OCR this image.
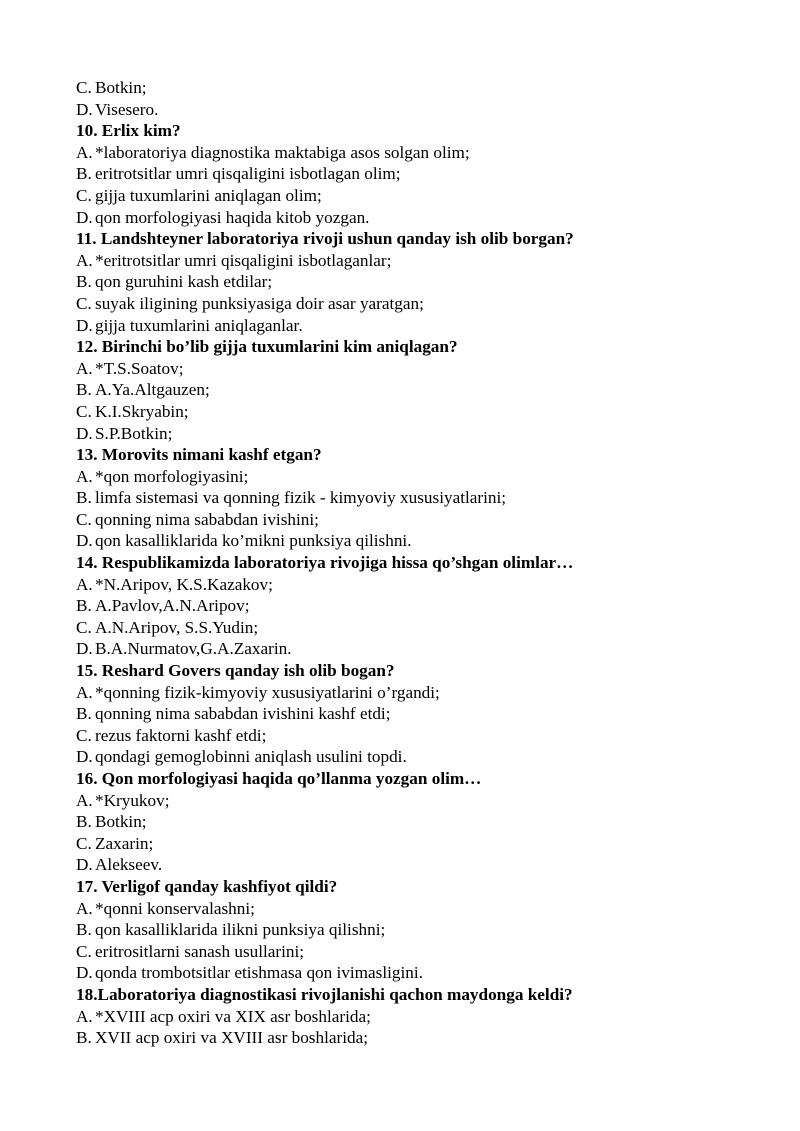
C. Botkin;
D. Visesero.
10. Erlix kim?
A. *laboratoriya diagnostika maktabiga asos solgan olim;
B. eritrotsitlar umri qisqaligini isbotlagan olim;
C. gijja tuxumlarini aniqlagan olim;
D. qon morfologiyasi haqida kitob yozgan.
11. Landshteyner laboratoriya rivoji ushun qanday ish olib borgan?
A. *eritrotsitlar umri qisqaligini isbotlaganlar;
B. qon guruhini kash etdilar;
C. suyak iligining punksiyasiga doir asar yaratgan;
D. gijja tuxumlarini aniqlaganlar.
12. Birinchi bo’lib gijja tuxumlarini kim aniqlagan?
A. *T.S.Soatov;
B. A.Ya.Altgauzen;
C. K.I.Skryabin;
D. S.P.Botkin;
13. Morovits nimani kashf etgan?
A. *qon morfologiyasini;
B. limfa sistemasi va qonning fizik - kimyoviy xususiyatlarini;
C. qonning nima sababdan ivishini;
D. qon kasalliklarida ko’mikni punksiya qilishni.
14. Respublikamizda laboratoriya rivojiga hissa qo’shgan olimlar…
A. *N.Aripov, K.S.Kazakov;
B. A.Pavlov,A.N.Aripov;
C. A.N.Aripov, S.S.Yudin;
D. B.A.Nurmatov,G.A.Zaxarin.
15. Reshard Govers qanday ish olib bogan?
A. *qonning fizik-kimyoviy xususiyatlarini o’rgandi;
B. qonning nima sababdan ivishini kashf etdi;
C. rezus faktorni kashf etdi;
D. qondagi gemoglobinni aniqlash usulini topdi.
16. Qon morfologiyasi haqida qo’llanma yozgan olim…
A. *Kryukov;
B. Botkin;
C. Zaxarin;
D. Alekseev.
17. Verligof qanday kashfiyot qildi?
A. *qonni konservalashni;
B. qon kasalliklarida ilikni punksiya qilishni;
C. eritrositlarni sanash usullarini;
D. qonda trombotsitlar etishmasa qon ivimasligini.
18.Laboratoriya diagnostikasi rivojlanishi qachon maydonga keldi?
A. *XVIII acp oxiri va XIX asr boshlarida;
B. XVII acp oxiri va XVIII asr boshlarida;
